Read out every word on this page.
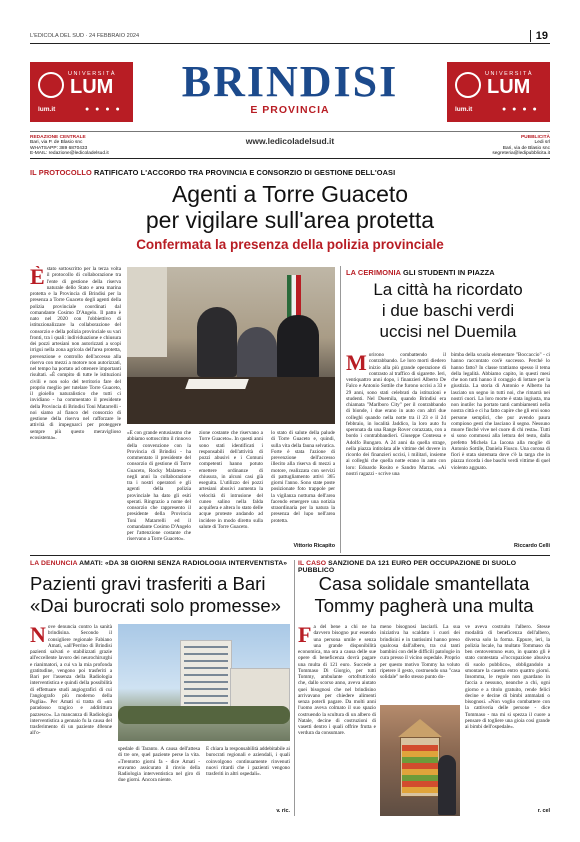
L'EDICOLA DEL SUD · 24 FEBBRAIO 2024	19
UNIVERSITÀ
LUM
lum.it	● ● ● ●
BRINDISI
E PROVINCIA
UNIVERSITÀ
LUM
lum.it	● ● ● ●
REDAZIONE CENTRALE
Bari, via P. de Blasio snc
WHATSAPP: 389 6870433
E-MAIL: redazione@ledicoladelsud.it
www.ledicoladelsud.it	PUBBLICITÀ
Ledi srl
Bari, via de Blasio snc
segreteria@ledipubblicita.it
IL PROTOCOLLO RATIFICATO L'ACCORDO TRA PROVINCIA E CONSORZIO DI GESTIONE DELL'OASI
Agenti a Torre Guaceto
per vigilare sull'area protetta
Confermata la presenza della polizia provinciale
Èstato sottoscritto per la terza volta il protocollo di collaborazione tra l'ente di gestione della riserva naturale dello Stato e area marina protetta e la Provincia di Brindisi per la presenza a Torre Guaceto degli agenti della polizia provinciale coordinati dal comandante Cosimo D'Angelo. Il patto è nato nel 2020 con l'obbiettivo di istituzionalizzare la collaborazione del consorzio e della polizia provinciale su vari fronti, tra i quali: individuazione e chiusura dei pozzi artesiani non autorizzati a scopi irrigui nella zona agricola dell'area protetta, prevenzione e controllo dell'accesso alla riserva con mezzi a motore non autorizzati, nel tempo ha portato ad ottenere importanti risultati. «È compito di tutte le istituzioni civili e non solo del territorio fare del proprio meglio per tutelare Torre Guaceto, il gioiello naturalistico che tutti ci invidiano - ha commentato il presidente della Provincia di Brindisi Toni Matarrelli - noi siamo al fianco del consorzio di gestione della riserva nel rafforzare le attività di impegnarci per proteggere sempre più questo meraviglioso ecosistema».
«È con grande entusiasmo che abbiamo sottoscritto il rinnovo della convenzione con la Provincia di Brindisi - ha commentato il presidente del consorzio di gestione di Torre Guaceto, Rocky Malatesta - negli anni la collaborazione tra i nostri operatori e gli agenti della polizia provinciale ha dato gli esiti sperati. Ringrazio a nome del consorzio che rappresento il presidente della Provincia Toni Matarrelli ed il comandante Cosimo D'Angelo per l'attenzione costante che riservano a Torre Guaceto».
zione costante che riservano a Torre Guaceto». In questi anni sono stati identificati i responsabili dell'attività di pozzi abusivi e i Comuni competenti hanno potuto emettere ordinanze di chiusura, in alcuni casi già eseguita. L'utilizzo dei pozzi artesiani abusivi aumenta la velocità di intrusione del cuneo salino nella falda acquifera e altera lo stato delle acque proteste andando ad incidere in modo diretto sulla salute di Torre Guaceto.
lo stato di salute della palude di Torre Guaceto e, quindi, sulla vita della fauna selvatica. Forte è stata l'azione di prevenzione dell'accesso illecito alla riserva di mezzi a motore, realizzata con servizi di pattugliamento attivi 365 giorni l'anno. Sono state poste posizionate foto trappole per la vigilanza notturna dell'area facendo emergere una notizia straordinaria per la natura la presenza del lupo nell'area protetta.
Vittorio Ricapito
LA CERIMONIA GLI STUDENTI IN PIAZZA
La città ha ricordato
i due baschi verdi
uccisi nel Duemila
Morirono combattendo il contrabbando. Le loro morti diedero inizio alla più grande operazione di contrasto al traffico di sigarette. Ieri, ventiquattro anni dopo, i finanzieri Alberto De Falco e Antonio Sottile che furono uccisi a 33 e 29 anni, sono stati celebrati da istituzioni e studenti. Nel Duemila, quando Brindisi era chiamata "Marlboro City" per il contrabbando di bionde, i due erano in auto con altri due colleghi quando nella notte tra il 23 e il 24 febbraio, in località Jaddico, la loro auto fu speronata da una Range Rover corazzata, con a bordo i contrabbandieri. Giuseppe Contessa e Adolfo Bungaro. A 24 anni da quella strage, nella piazza intitolata alle vittime del dovere in ricordo dei finanzieri uccisi, i militari, insieme ai colleghi che quella notte erano in auto con loro: Edoardo Rosito e Sandro Marras. «Ai nostri ragazzi - scrive una
bimba della scuola elementare "Boccaccio" - ci hanno raccontato cos'è successo. Perché lo hanno fatto? In classe trattiamo spesso il tema della legalità. Abbiamo capito, in questi mesi che non tutti hanno il coraggio di lottare per la giustizia. La storia di Antonio e Alberto ha lasciato un segno in tutti noi, che rimarrà nei nostri cuori. La loro morte è stata ingiusta, ma non inutile: ha portato tanti cambiamenti nella nostra città e ci ha fatto capire che gli eroi sono persone semplici, che pur avendo paura compiono gesti che lasciano il segno. Nessuno muore finché vive nel cuore di chi resta». Tutti si sono commossi alla lettura del testo, dalla prefetto Michela La Iacona alla moglie di Antonio Sottile, Daniela Fiusco. Una corona di fiori è stata sistemata dove c'è la targa che in piazza ricorda i due baschi verdi vittime di quel violento agguato.
Riccardo Celli
LA DENUNCIA AMATI: «DA 38 GIORNI SENZA RADIOLOGIA INTERVENTISTA»
Pazienti gravi trasferiti a Bari
«Dai burocrati solo promesse»
Nove denuncia contro la sanità brindisina. Secondo il consigliere regionale Fabiano Amati, «all'Perrino di Brindisi pazienti salvati e stabilizzati grazie all'eccellente lavoro dei neurochirurghi e rianimatori, a cui va la mia profonda gratitudine, vengono poi trasferiti a Bari per l'assenza della Radiologia interventistica e quindi della possibilità di effettuare studi angiografici di cui l'angiografo più moderno della Puglia». Per Amati si tratta di «un paradosso tragico e addirittura pazzesco». La mancanza di Radiologia interventistica a gennaio fu la causa del trasferimento di un paziente 40enne all'o-
spedale di Taranto. A causa dell'attesa di tre ore, quel paziente perse la vita. «Trentotto giorni fa - dice Amati - eravamo assicurato il rinvio della Radiologia interventistica nel giro di due giorni. Ancora niente.
È chiara la responsabilità addebitabile ai burocrati regionali e aziendali, i quali coinvolgono continuamente rinvenuti nuovi ritardi che i pazienti vengono trasferiti in altri ospedali».
v. ric.
IL CASO SANZIONE DA 121 EURO PER OCCUPAZIONE DI SUOLO PUBBLICO
Casa solidale smantellata
Tommy pagherà una multa
Fa del bene a chi ne ha davvero bisogno pur essendo una persona umile e senza una grande disponibilità economica, ma ora a causa delle sue opere di beneficenza dovrà pagare una multa di 121 euro. Succede a Tommaso Di Giorgio, per tutti Tommy, ambulante ortofrutticolo che, dallo scorso anno, aveva aiutato quei bisognosi che nel brindisino arrivavano per chiedere alimenti senza poterli pagare. Da molti anni l'uomo aveva colmato il suo spazio costruendo la scultura di un albero di Natale, decine di costruzioni di vasetti dentro i quali offrire frutta e verdura da consumare.
meno bisognosi lasciarli. La sua iniziativa ha scaldato i cuori dei brindisini e in tantissimi hanno preso qualcosa dall'albero, tra cui tanti bambini con delle difficili patologie in cura presso il vicino ospedale. Proprio per questo motivo Tommy ha voluto ripetere il gesto, costruendo una "casa solidale" nello stesso punto do-
ve aveva costruito l'albero. Stesse modalità di beneficenza dell'albero, diversa solo la forma. Eppure, ieri, la polizia locale, ha multato Tommaso da ben centoventuno euro, in quanto gli è stato contestata «l'occupazione abusiva di suolo pubblico», obbligandolo a smontare la casetta entro quattro giorni. Insomma, le regole non guardano in faccia a nessuno, neanche a chi, ogni giorno e a titolo gratuito, rende felici decine e decine di bimbi ammalati o bisognosi. «Non voglio combattere con la cattiveria delle persone - dice Tommaso - ma mi si spezza il cuore a pensare di togliere una gioia così grande ai bimbi dell'ospedale».
r. cel
